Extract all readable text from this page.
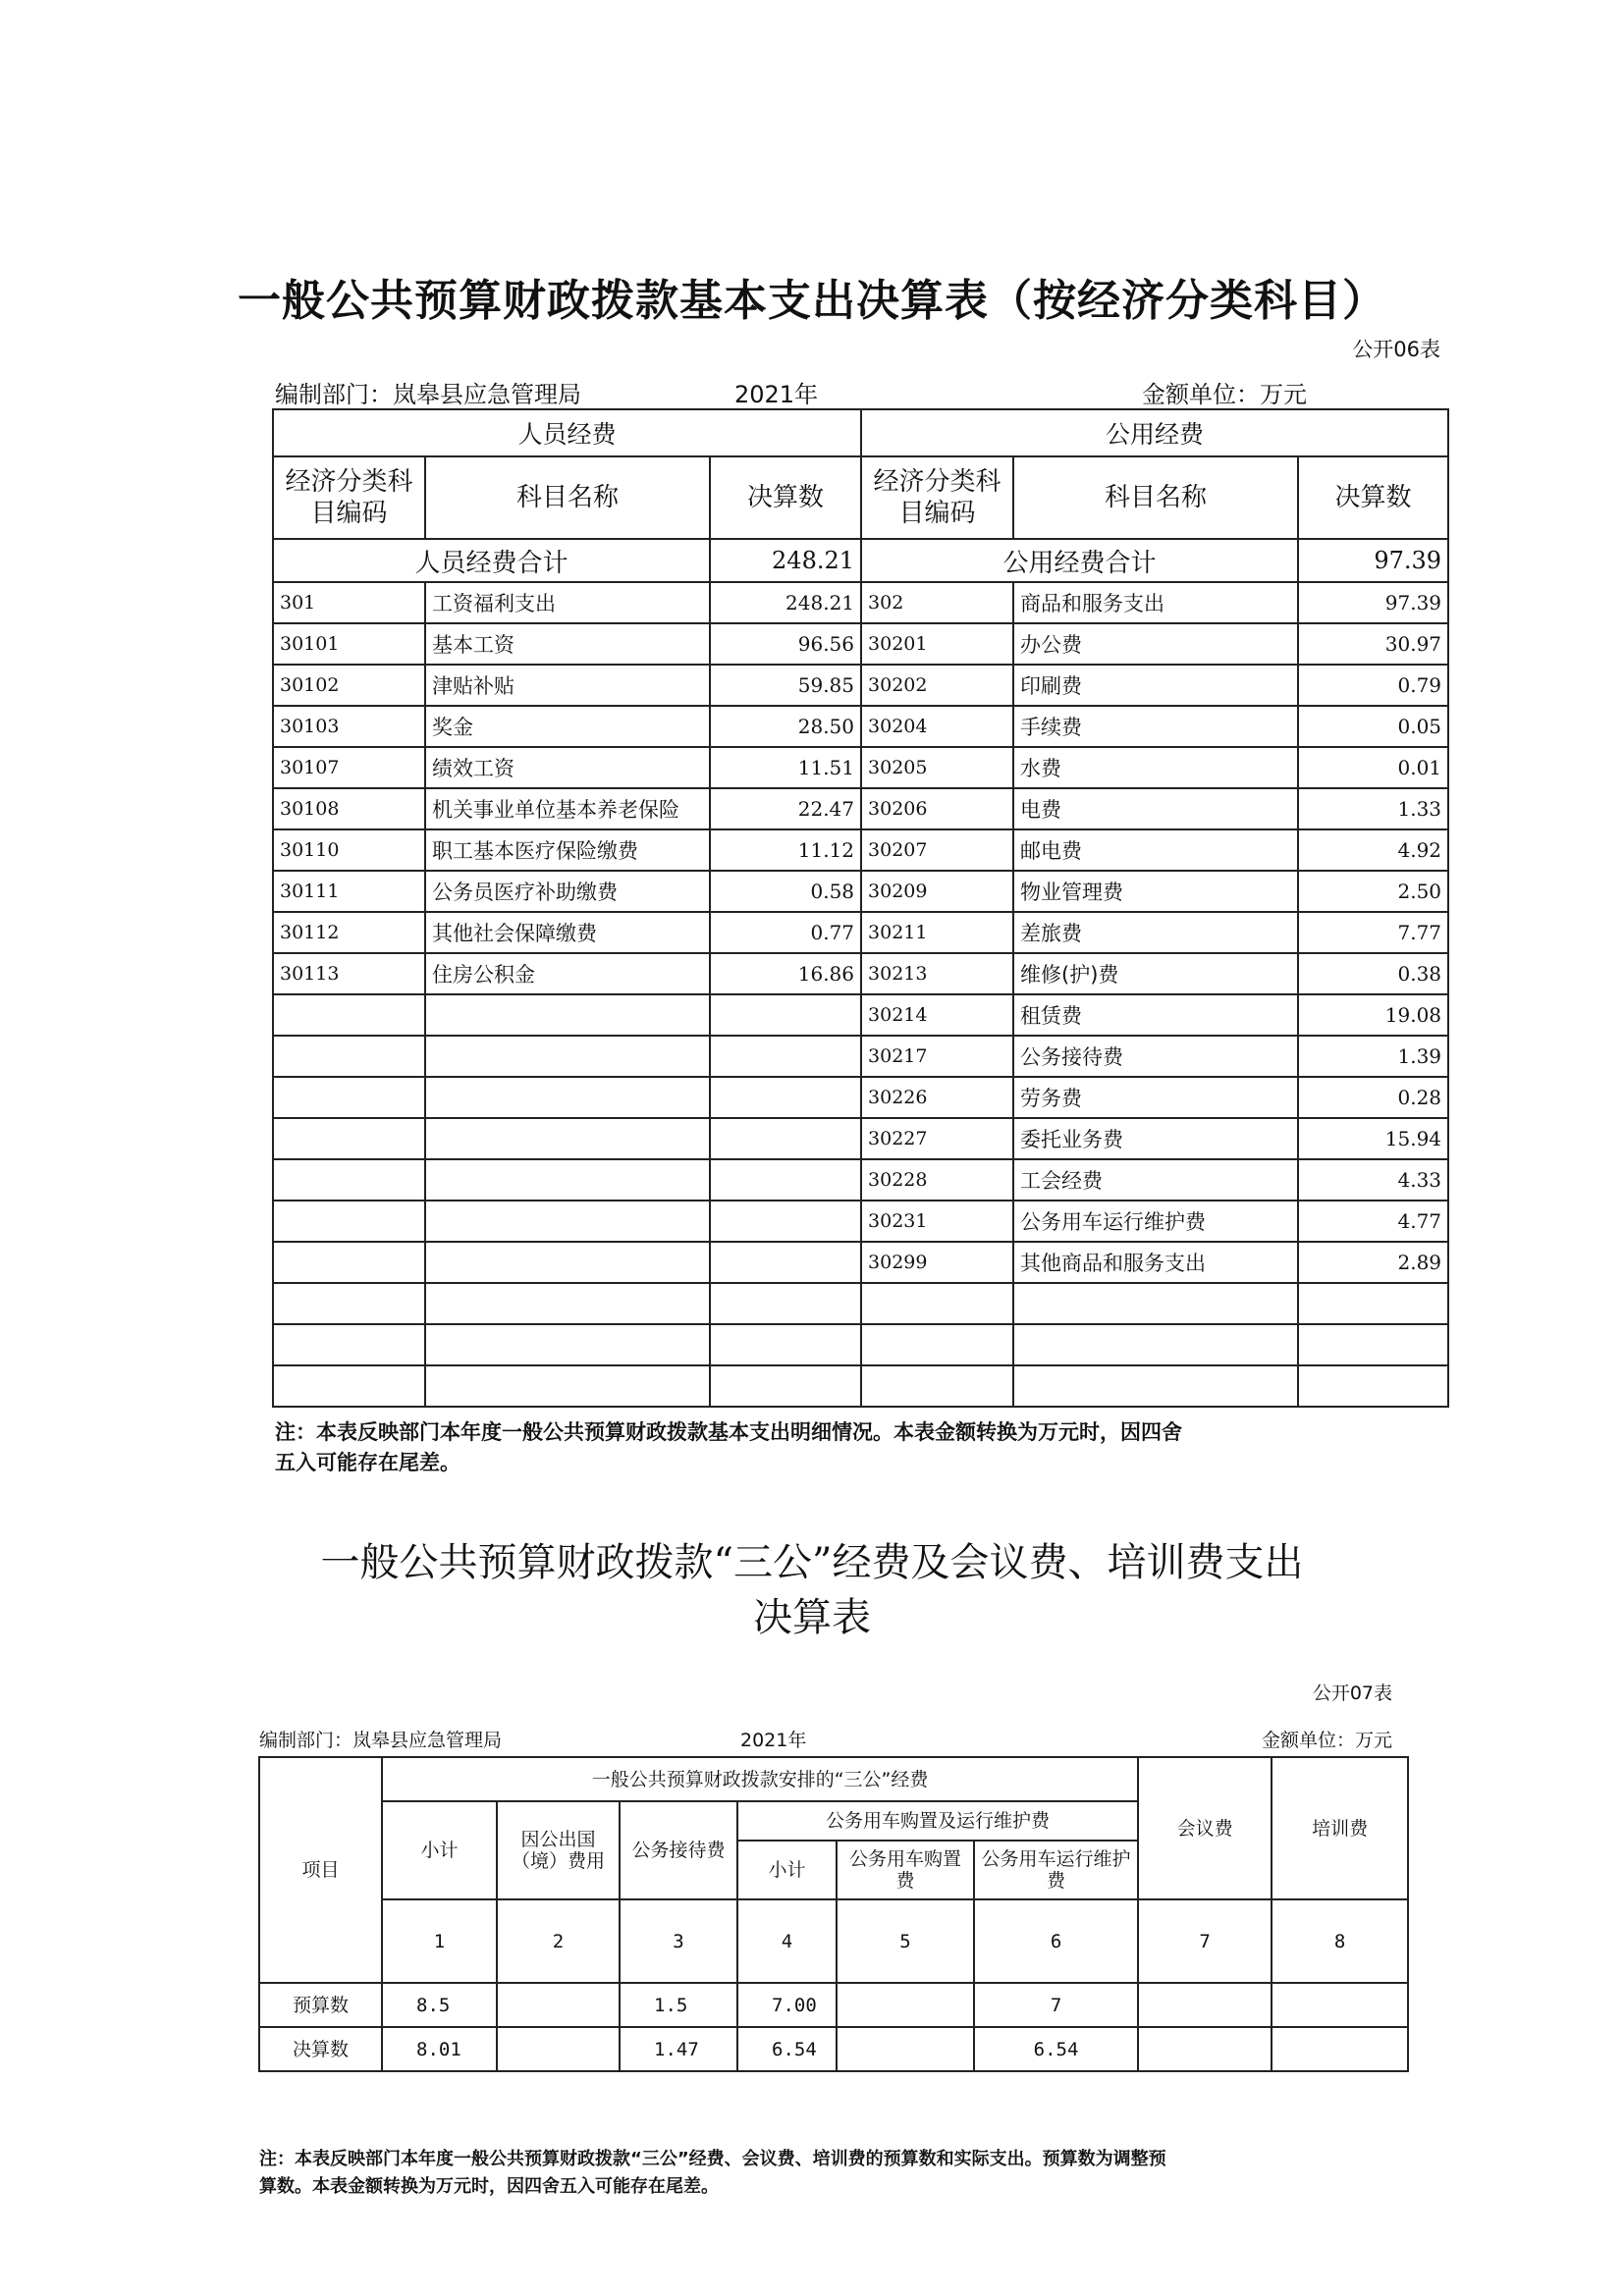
一般公共预算财政拨款基本支出决算表（按经济分类科目）
公开06表
编制部门：岚皋县应急管理局	2021年	金额单位：万元
人员经费			公用经费		
经济分类科目编码	科目名称	决算数	经济分类科目编码	科目名称	决算数
人员经费合计		248.21	公用经费合计		97.39
301	工资福利支出	248.21	302	商品和服务支出	97.39
30101	基本工资	96.56	30201	办公费	30.97
30102	津贴补贴	59.85	30202	印刷费	0.79
30103	奖金	28.50	30204	手续费	0.05
30107	绩效工资	11.51	30205	水费	0.01
30108	机关事业单位基本养老保险	22.47	30206	电费	1.33
30110	职工基本医疗保险缴费	11.12	30207	邮电费	4.92
30111	公务员医疗补助缴费	0.58	30209	物业管理费	2.50
30112	其他社会保障缴费	0.77	30211	差旅费	7.77
30113	住房公积金	16.86	30213	维修(护)费	0.38
			30214	租赁费	19.08
			30217	公务接待费	1.39
			30226	劳务费	0.28
			30227	委托业务费	15.94
			30228	工会经费	4.33
			30231	公务用车运行维护费	4.77
			30299	其他商品和服务支出	2.89

注：本表反映部门本年度一般公共预算财政拨款基本支出明细情况。本表金额转换为万元时，因四舍
五入可能存在尾差。
一般公共预算财政拨款“三公”经费及会议费、培训费支出
决算表
公开07表
编制部门：岚皋县应急管理局	2021年	金额单位：万元
项目	一般公共预算财政拨款安排的“三公”经费						会议费	培训费
	小计	因公出国（境）费用	公务接待费	公务用车购置及运行维护费				
				小计	公务用车购置费	公务用车运行维护费		
	1	2	3	4	5	6	7	8
预算数	8.5		1.5	7.00		7		
决算数	8.01		1.47	6.54		6.54		
注：本表反映部门本年度一般公共预算财政拨款“三公”经费、会议费、培训费的预算数和实际支出。预算数为调整预
算数。本表金额转换为万元时，因四舍五入可能存在尾差。
